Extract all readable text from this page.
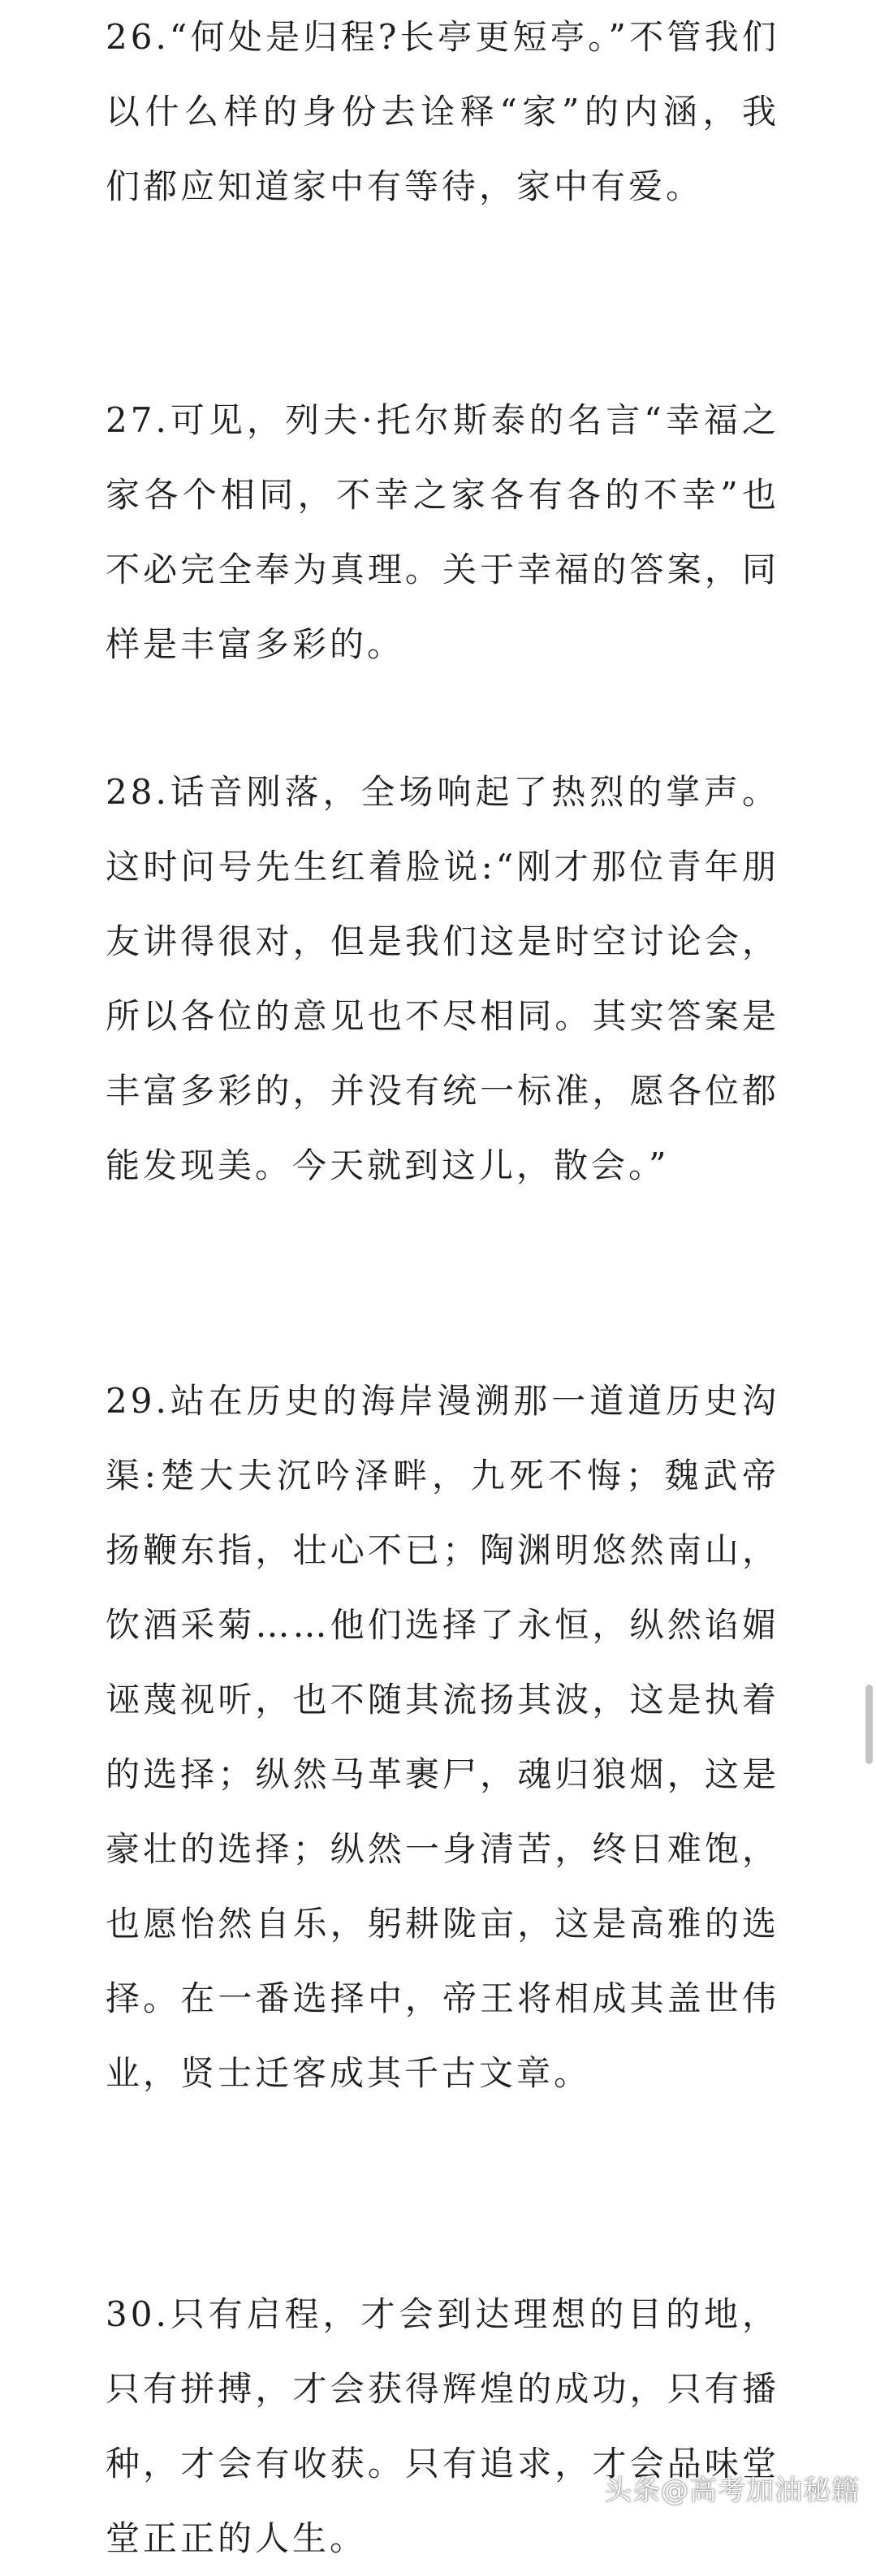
26.“何处是归程?长亭更短亭。”不管我们以什么样的身份去诠释“家”的内涵，我们都应知道家中有等待，家中有爱。

27.可见，列夫·托尔斯泰的名言“幸福之家各个相同，不幸之家各有各的不幸”也不必完全奉为真理。关于幸福的答案，同样是丰富多彩的。

28.话音刚落，全场响起了热烈的掌声。这时问号先生红着脸说:“刚才那位青年朋友讲得很对，但是我们这是时空讨论会，所以各位的意见也不尽相同。其实答案是丰富多彩的，并没有统一标准，愿各位都能发现美。今天就到这儿，散会。”

29.站在历史的海岸漫溯那一道道历史沟渠:楚大夫沉吟泽畔，九死不悔；魏武帝扬鞭东指，壮心不已；陶渊明悠然南山，饮酒采菊……他们选择了永恒，纵然谄媚诬蔑视听，也不随其流扬其波，这是执着的选择；纵然马革裹尸，魂归狼烟，这是豪壮的选择；纵然一身清苦，终日难饱，也愿怡然自乐，躬耕陇亩，这是高雅的选择。在一番选择中，帝王将相成其盖世伟业，贤士迁客成其千古文章。

30.只有启程，才会到达理想的目的地，只有拼搏，才会获得辉煌的成功，只有播种，才会有收获。只有追求，才会品味堂堂正正的人生。

头条 @高考加油秘籍
